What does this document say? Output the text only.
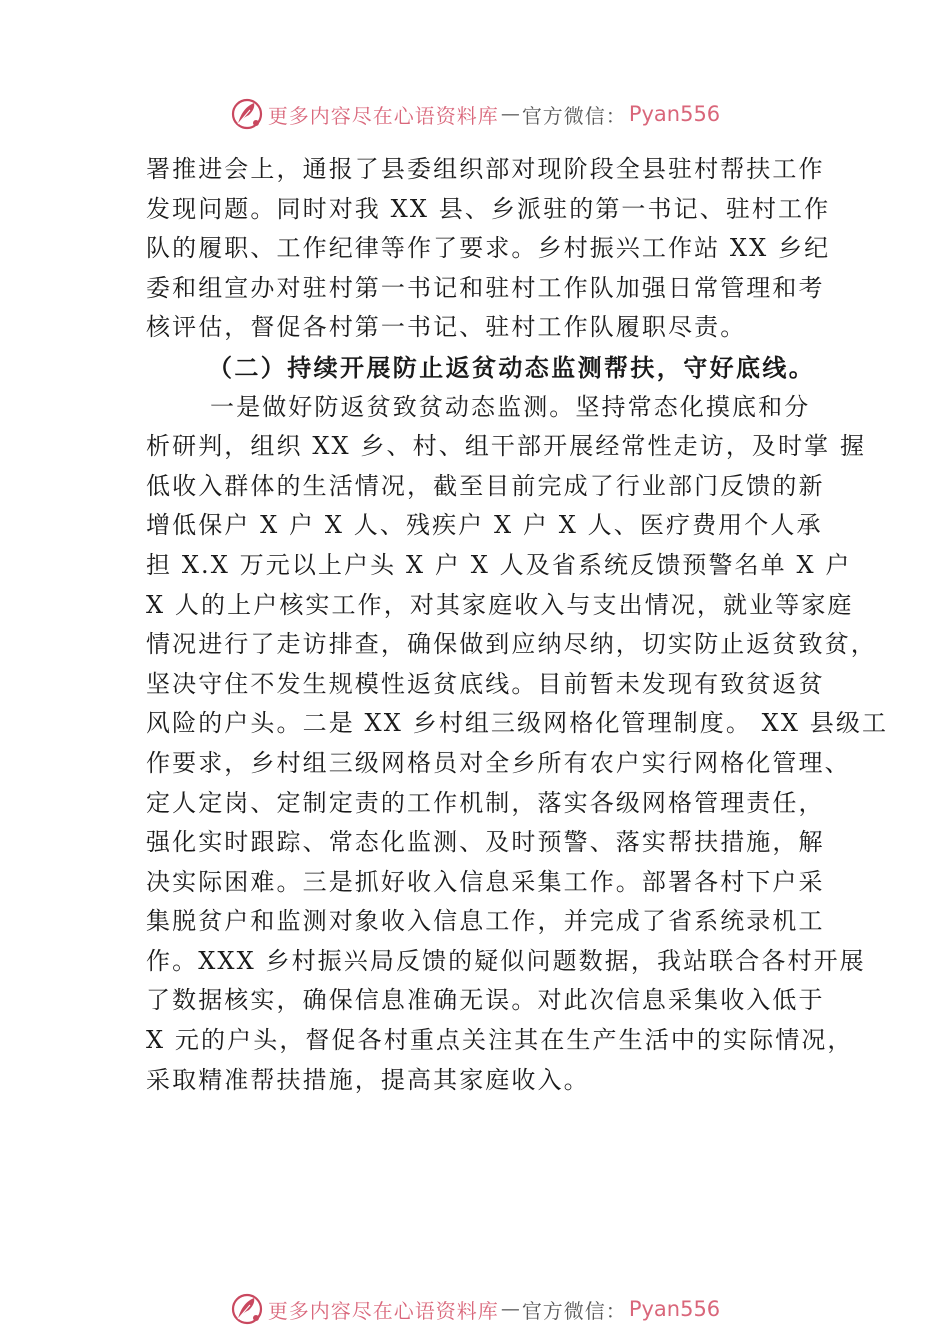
更多内容尽在心语资料库 — 官方微信： Pyan556
署推进会上，通报了县委组织部对现阶段全县驻村帮扶工作
发现问题。同时对我 XX 县、乡派驻的第一书记、驻村工作
队的履职、工作纪律等作了要求。乡村振兴工作站 XX 乡纪
委和组宣办对驻村第一书记和驻村工作队加强日常管理和考
核评估，督促各村第一书记、驻村工作队履职尽责。
（二）持续开展防止返贫动态监测帮扶，守好底线。
一是做好防返贫致贫动态监测。坚持常态化摸底和分
析研判，组织 XX 乡、村、组干部开展经常性走访，及时掌 握
低收入群体的生活情况，截至目前完成了行业部门反馈的新
增低保户 X 户 X 人、残疾户 X 户 X 人、医疗费用个人承
担 X.X 万元以上户头 X 户 X 人及省系统反馈预警名单 X 户
X 人的上户核实工作，对其家庭收入与支出情况，就业等家庭
情况进行了走访排查，确保做到应纳尽纳，切实防止返贫致贫，
坚决守住不发生规模性返贫底线。目前暂未发现有致贫返贫
风险的户头。二是 XX 乡村组三级网格化管理制度。 XX 县级工
作要求，乡村组三级网格员对全乡所有农户实行网格化管理、
定人定岗、定制定责的工作机制，落实各级网格管理责任，
强化实时跟踪、常态化监测、及时预警、落实帮扶措施，解
决实际困难。三是抓好收入信息采集工作。部署各村下户采
集脱贫户和监测对象收入信息工作，并完成了省系统录机工
作。XXX 乡村振兴局反馈的疑似问题数据，我站联合各村开展
了数据核实，确保信息准确无误。对此次信息采集收入低于
X 元的户头，督促各村重点关注其在生产生活中的实际情况，
采取精准帮扶措施，提高其家庭收入。
更多内容尽在心语资料库 — 官方微信： Pyan556
